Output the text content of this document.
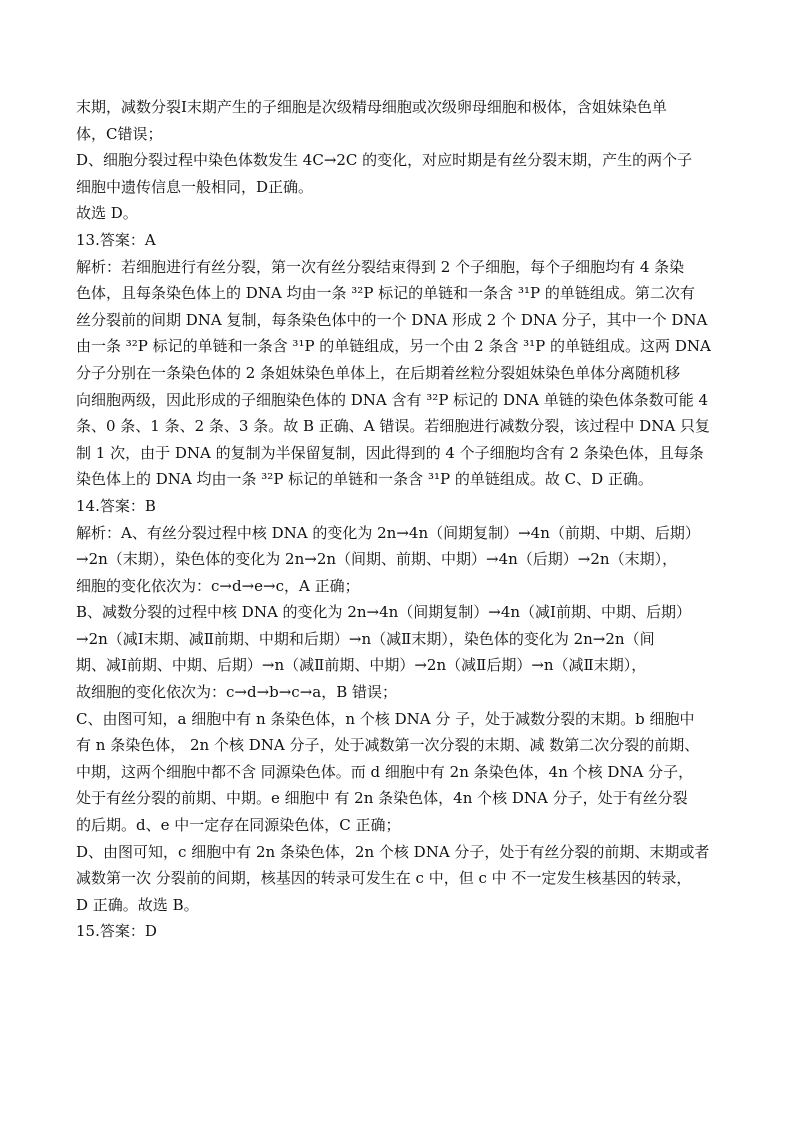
末期，减数分裂Ⅰ末期产生的子细胞是次级精母细胞或次级卵母细胞和极体，含姐妹染色单

体，C错误；

D、细胞分裂过程中染色体数发生 4C→2C 的变化，对应时期是有丝分裂末期，产生的两个子

细胞中遗传信息一般相同，D正确。

故选 D。

13.答案：A

解析：若细胞进行有丝分裂，第一次有丝分裂结束得到 2 个子细胞，每个子细胞均有 4 条染

色体，且每条染色体上的 DNA 均由一条 ³²P 标记的单链和一条含 ³¹P 的单链组成。第二次有

丝分裂前的间期 DNA 复制，每条染色体中的一个 DNA 形成 2 个 DNA 分子，其中一个 DNA

由一条 ³²P 标记的单链和一条含 ³¹P 的单链组成，另一个由 2 条含 ³¹P 的单链组成。这两 DNA

分子分别在一条染色体的 2 条姐妹染色单体上，在后期着丝粒分裂姐妹染色单体分离随机移

向细胞两级，因此形成的子细胞染色体的 DNA 含有 ³²P 标记的 DNA 单链的染色体条数可能 4

条、0 条、1 条、2 条、3 条。故 B 正确、A 错误。若细胞进行减数分裂，该过程中 DNA 只复

制 1 次，由于 DNA 的复制为半保留复制，因此得到的 4 个子细胞均含有 2 条染色体，且每条

染色体上的 DNA 均由一条 ³²P 标记的单链和一条含 ³¹P 的单链组成。故 C、D 正确。

14.答案：B

解析：A、有丝分裂过程中核 DNA 的变化为 2n→4n（间期复制）→4n（前期、中期、后期）

→2n（末期），染色体的变化为 2n→2n（间期、前期、中期）→4n（后期）→2n（末期），

细胞的变化依次为：c→d→e→c，A 正确；

B、减数分裂的过程中核 DNA 的变化为 2n→4n（间期复制）→4n（减Ⅰ前期、中期、后期）

→2n（减Ⅰ末期、减Ⅱ前期、中期和后期）→n（减Ⅱ末期），染色体的变化为 2n→2n（间

期、减Ⅰ前期、中期、后期）→n（减Ⅱ前期、中期）→2n（减Ⅱ后期）→n（减Ⅱ末期），

故细胞的变化依次为：c→d→b→c→a，B 错误；

C、由图可知，a 细胞中有 n 条染色体，n 个核 DNA 分 子，处于减数分裂的末期。b 细胞中

有 n 条染色体， 2n 个核 DNA 分子，处于减数第一次分裂的末期、减 数第二次分裂的前期、

中期，这两个细胞中都不含 同源染色体。而 d 细胞中有 2n 条染色体，4n 个核 DNA 分子，

处于有丝分裂的前期、中期。e 细胞中 有 2n 条染色体，4n 个核 DNA 分子，处于有丝分裂

的后期。d、e 中一定存在同源染色体，C 正确；

D、由图可知，c 细胞中有 2n 条染色体，2n 个核 DNA 分子，处于有丝分裂的前期、末期或者

减数第一次 分裂前的间期，核基因的转录可发生在 c 中，但 c 中 不一定发生核基因的转录，

D 正确。故选 B。

15.答案：D
